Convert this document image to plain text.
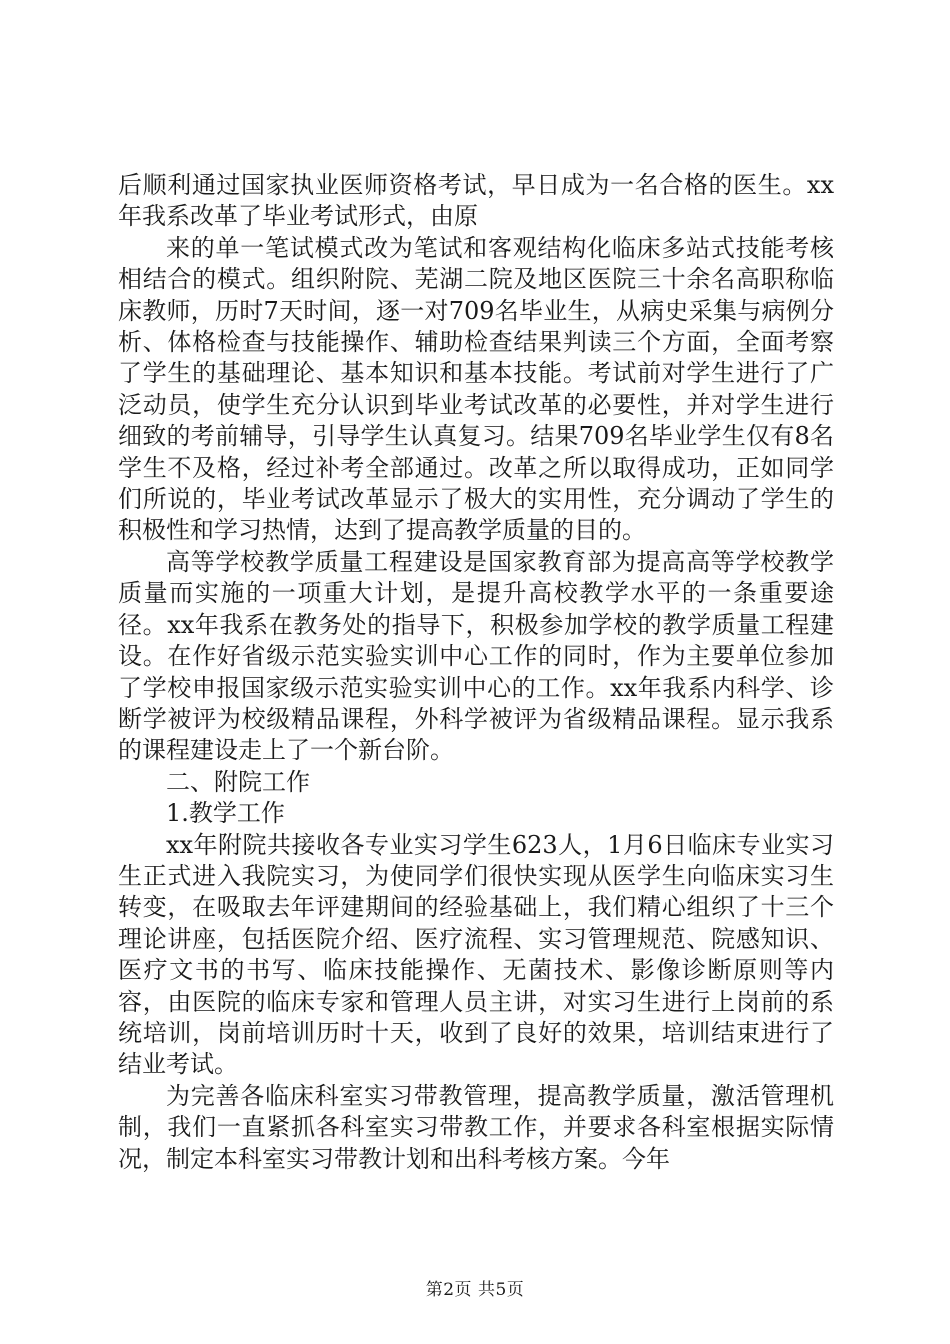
后顺利通过国家执业医师资格考试，早日成为一名合格的医生。xx年我系改革了毕业考试形式，由原

来的单一笔试模式改为笔试和客观结构化临床多站式技能考核相结合的模式。组织附院、芜湖二院及地区医院三十余名高职称临床教师，历时7天时间，逐一对709名毕业生，从病史采集与病例分析、体格检查与技能操作、辅助检查结果判读三个方面，全面考察了学生的基础理论、基本知识和基本技能。考试前对学生进行了广泛动员，使学生充分认识到毕业考试改革的必要性，并对学生进行细致的考前辅导，引导学生认真复习。结果709名毕业学生仅有8名学生不及格，经过补考全部通过。改革之所以取得成功，正如同学们所说的，毕业考试改革显示了极大的实用性，充分调动了学生的积极性和学习热情，达到了提高教学质量的目的。

高等学校教学质量工程建设是国家教育部为提高高等学校教学质量而实施的一项重大计划，是提升高校教学水平的一条重要途径。xx年我系在教务处的指导下，积极参加学校的教学质量工程建设。在作好省级示范实验实训中心工作的同时，作为主要单位参加了学校申报国家级示范实验实训中心的工作。xx年我系内科学、诊断学被评为校级精品课程，外科学被评为省级精品课程。显示我系的课程建设走上了一个新台阶。

二、附院工作

1.教学工作

xx年附院共接收各专业实习学生623人，1月6日临床专业实习生正式进入我院实习，为使同学们很快实现从医学生向临床实习生转变，在吸取去年评建期间的经验基础上，我们精心组织了十三个理论讲座，包括医院介绍、医疗流程、实习管理规范、院感知识、医疗文书的书写、临床技能操作、无菌技术、影像诊断原则等内容，由医院的临床专家和管理人员主讲，对实习生进行上岗前的系统培训，岗前培训历时十天，收到了良好的效果，培训结束进行了结业考试。

为完善各临床科室实习带教管理，提高教学质量，激活管理机制，我们一直紧抓各科室实习带教工作，并要求各科室根据实际情况，制定本科室实习带教计划和出科考核方案。今年

第2页 共5页
